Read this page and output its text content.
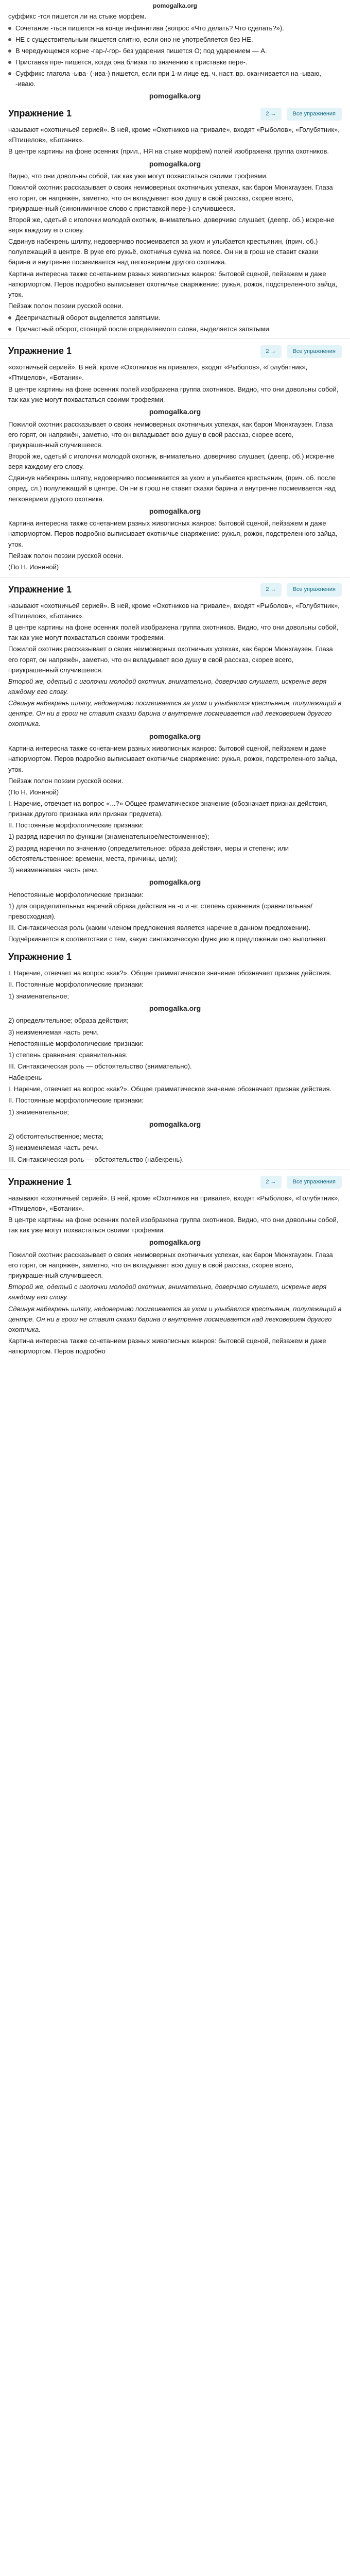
pomogalka.org

суффикс -тся пишется ли на стыке морфем.

Сочетание -тьcя пишется на конце инфинитива (вопрос «Что делать? Что сделать?»).
НЕ с существительным пишется слитно, если оно не употребляется без НЕ.
В чередующемся корне -гар-/-гор- без ударения пишется О; под ударением — А.
Приставка пре- пишется, когда она близка по значению к приставке пере-.
Суффикс глагола -ыва- (-ива-) пишется, если при 1-м лице ед. ч. наст. вр. оканчивается на -ываю, -иваю.
pomogalka.org
Упражнение 1	2 →	Все упражнения

называют «охотничьей серией». В ней, кроме «Охотников на привале», входят «Рыболов», «Голубятник», «Птицелов», «Ботаник».

В центре картины на фоне осенних (прил., НЯ на стыке морфем) полей изображена группа охотников.

pomogalka.org

Видно, что они довольны собой, так как уже могут похвастаться своими трофеями.

Пожилой охотник рассказывает о своих неимоверных охотничьих успехах, как барон Мюнхгаузен. Глаза его горят, он напряжён, заметно, что он вкладывает всю душу в свой рассказ, скорее всего, приукрашенный (синонимичное слово с приставкой пере-) случившееся.

Второй же, одетый с иголочки молодой охотник, внимательно, доверчиво слушает, (деепр. об.) искренне веря каждому его слову.

Сдвинув набекрень шляпу, недоверчиво посмеивается за ухом и улыбается крестьянин, (прич. об.) полулежащий в центре. В руке его ружьё, охотничья сумка на поясе. Он ни в грош не ставит сказки барина и внутренне посмеивается над легковерием другого охотника.

Картина интересна также сочетанием разных живописных жанров: бытовой сценой, пейзажем и даже натюрмортом. Перов подробно выписывает охотничье снаряжение: ружья, рожок, подстреленного зайца, уток.

Пейзаж полон поэзии русской осени.

Деепричастный оборот выделяется запятыми.
Причастный оборот, стоящий после определяемого слова, выделяется запятыми.
Упражнение 1	2 →	Все упражнения

«охотничьей серией». В ней, кроме «Охотников на привале», входят «Рыболов», «Голубятник», «Птицелов», «Ботаник».

В центре картины на фоне осенних полей изображена группа охотников. Видно, что они довольны собой, так как уже могут похвастаться своими трофеями.

pomogalka.org

Пожилой охотник рассказывает о своих неимоверных охотничьих успехах, как барон Мюнхгаузен. Глаза его горят, он напряжён, заметно, что он вкладывает всю душу в свой рассказ, скорее всего, приукрашенный случившееся.

Второй же, одетый с иголочки молодой охотник, внимательно, доверчиво слушает, (деепр. об.) искренне веря каждому его слову.

Сдвинув набекрень шляпу, недоверчиво посмеивается за ухом и улыбается крестьянин, (прич. об. после опред. сл.) полулежащий в центре. Он ни в грош не ставит сказки барина и внутренне посмеивается над легковерием другого охотника.

pomogalka.org

Картина интересна также сочетанием разных живописных жанров: бытовой сценой, пейзажем и даже натюрмортом. Перов подробно выписывает охотничье снаряжение: ружья, рожок, подстреленного зайца, уток.

Пейзаж полон поэзии русской осени.

(По Н. Иониной)

Упражнение 1	2 →	Все упражнения

называют «охотничьей серией». В ней, кроме «Охотников на привале», входят «Рыболов», «Голубятник», «Птицелов», «Ботаник».

В центре картины на фоне осенних полей изображена группа охотников. Видно, что они довольны собой, так как уже могут похвастаться своими трофеями.

Пожилой охотник рассказывает о своих неимоверных охотничьих успехах, как барон Мюнхгаузен. Глаза его горят, он напряжён, заметно, что он вкладывает всю душу в свой рассказ, скорее всего, приукрашенный случившееся.

Второй же, одетый с иголочки молодой охотник, внимательно, доверчиво слушает, искренне веря каждому его слову.

Сдвинув набекрень шляпу, недоверчиво посмеивается за ухом и улыбается крестьянин, полулежащий в центре. Он ни в грош не ставит сказки барина и внутренне посмеивается над легковерием другого охотника.

pomogalka.org

Картина интересна также сочетанием разных живописных жанров: бытовой сценой, пейзажем и даже натюрмортом. Перов подробно выписывает охотничье снаряжение: ружья, рожок, подстреленного зайца, уток.

Пейзаж полон поэзии русской осени.

(По Н. Иониной)

I. Наречие, отвечает на вопрос «...?» Общее грамматическое значение (обозначает признак действия, признак другого признака или признак предмета).

II. Постоянные морфологические признаки:

1) разряд наречия по функции (знаменательное/местоименное);

2) разряд наречия по значению (определительное: образа действия, меры и степени; или обстоятельственное: времени, места, причины, цели);

3) неизменяемая часть речи.

pomogalka.org

Непостоянные морфологические признаки:

1) для определительных наречий образа действия на -о и -е: степень сравнения (сравнительная/превосходная).

III. Синтаксическая роль (каким членом предложения является наречие в данном предложении).

Подчёркивается в соответствии с тем, какую синтаксическую функцию в предложении оно выполняет.

Упражнение 1

I. Наречие, отвечает на вопрос «как?». Общее грамматическое значение обозначает признак действия.

II. Постоянные морфологические признаки:

1) знаменательное;

pomogalka.org

2) определительное; образа действия;

3) неизменяемая часть речи.

Непостоянные морфологические признаки:

1) степень сравнения: сравнительная.

III. Синтаксическая роль — обстоятельство (внимательно).

Набекрень

I. Наречие, отвечает на вопрос «как?». Общее грамматическое значение обозначает признак действия.

II. Постоянные морфологические признаки:

1) знаменательное;

pomogalka.org

2) обстоятельственное; места;

3) неизменяемая часть речи.

III. Синтаксическая роль — обстоятельство (набекрень).

Упражнение 1	2 →	Все упражнения

называют «охотничьей серией». В ней, кроме «Охотников на привале», входят «Рыболов», «Голубятник», «Птицелов», «Ботаник».

В центре картины на фоне осенних полей изображена группа охотников. Видно, что они довольны собой, так как уже могут похвастаться своими трофеями.

pomogalka.org

Пожилой охотник рассказывает о своих неимоверных охотничьих успехах, как барон Мюнхгаузен. Глаза его горят, он напряжён, заметно, что он вкладывает всю душу в свой рассказ, скорее всего, приукрашенный случившееся.

Второй же, одетый с иголочки молодой охотник, внимательно, доверчиво слушает, искренне веря каждому его слову.

Сдвинув набекрень шляпу, недоверчиво посмеивается за ухом и улыбается крестьянин, полулежащий в центре. Он ни в грош не ставит сказки барина и внутренне посмеивается над легковерием другого охотника.

Картина интересна также сочетанием разных живописных жанров: бытовой сценой, пейзажем и даже натюрмортом. Перов подробно
